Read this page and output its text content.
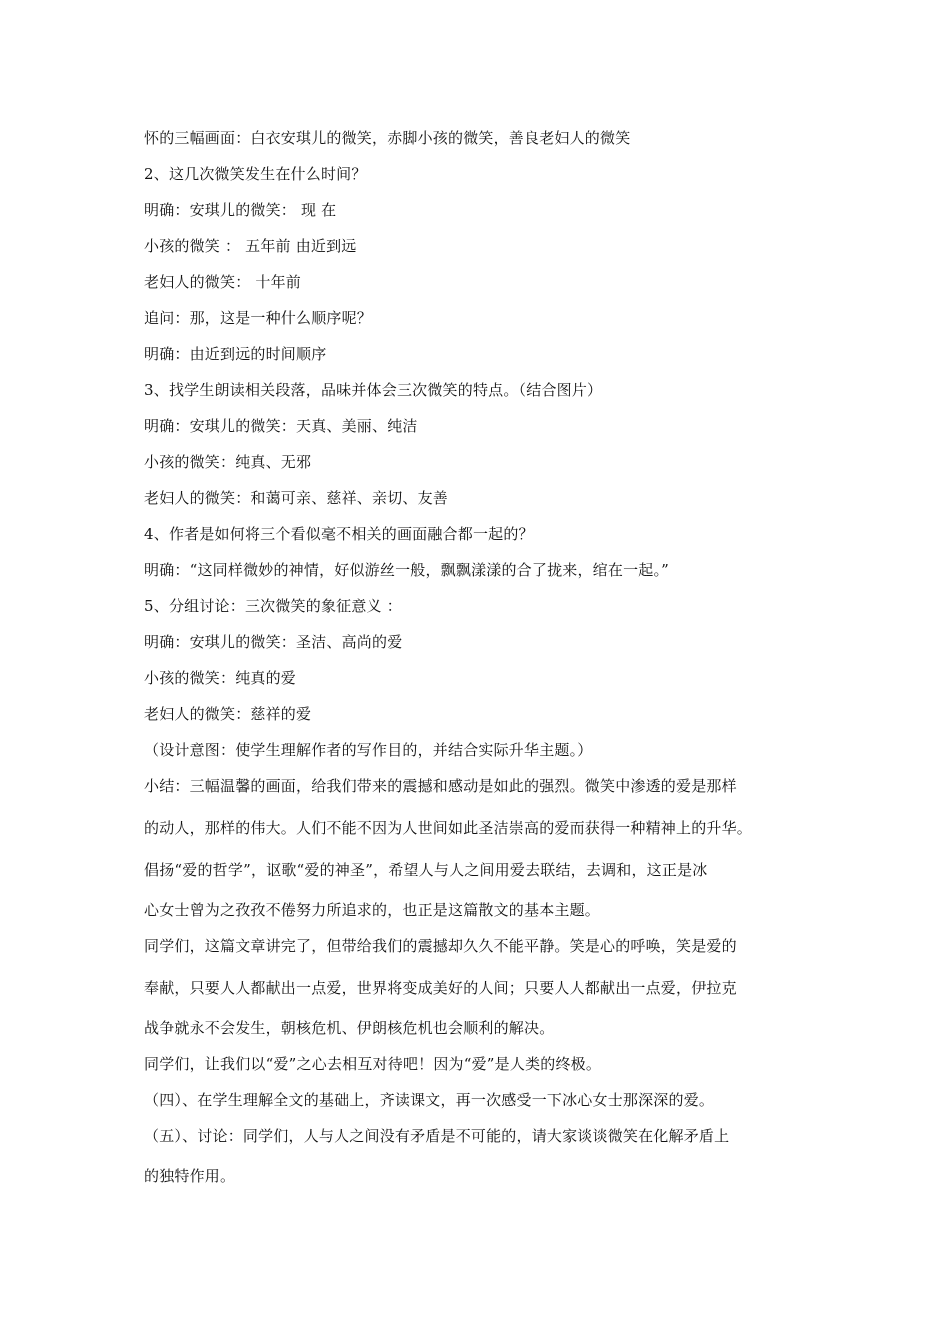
怀的三幅画面：白衣安琪儿的微笑，赤脚小孩的微笑，善良老妇人的微笑
2、这几次微笑发生在什么时间？
明确：安琪儿的微笑： 现 在
小孩的微笑 ： 五年前 由近到远
老妇人的微笑： 十年前
追问：那，这是一种什么顺序呢？
明确：由近到远的时间顺序
3、找学生朗读相关段落，品味并体会三次微笑的特点。（结合图片）
明确：安琪儿的微笑：天真、美丽、纯洁
小孩的微笑：纯真、无邪
老妇人的微笑：和蔼可亲、慈祥、亲切、友善
4、作者是如何将三个看似毫不相关的画面融合都一起的？
明确：“这同样微妙的神情，好似游丝一般，飘飘漾漾的合了拢来，绾在一起。”
5、分组讨论：三次微笑的象征意义 ：
明确：安琪儿的微笑：圣洁、高尚的爱
小孩的微笑：纯真的爱
老妇人的微笑：慈祥的爱
（设计意图：使学生理解作者的写作目的，并结合实际升华主题。）
小结：三幅温馨的画面，给我们带来的震撼和感动是如此的强烈。微笑中渗透的爱是那样
的动人，那样的伟大。人们不能不因为人世间如此圣洁崇高的爱而获得一种精神上的升华。
倡扬“爱的哲学”，讴歌“爱的神圣”，希望人与人之间用爱去联结，去调和，这正是冰
心女士曾为之孜孜不倦努力所追求的，也正是这篇散文的基本主题。
同学们，这篇文章讲完了，但带给我们的震撼却久久不能平静。笑是心的呼唤，笑是爱的
奉献，只要人人都献出一点爱，世界将变成美好的人间；只要人人都献出一点爱，伊拉克
战争就永不会发生，朝核危机、伊朗核危机也会顺利的解决。
同学们，让我们以“爱”之心去相互对待吧！因为“爱”是人类的终极。
（四）、在学生理解全文的基础上，齐读课文，再一次感受一下冰心女士那深深的爱。
（五）、讨论：同学们，人与人之间没有矛盾是不可能的，请大家谈谈微笑在化解矛盾上
的独特作用。
